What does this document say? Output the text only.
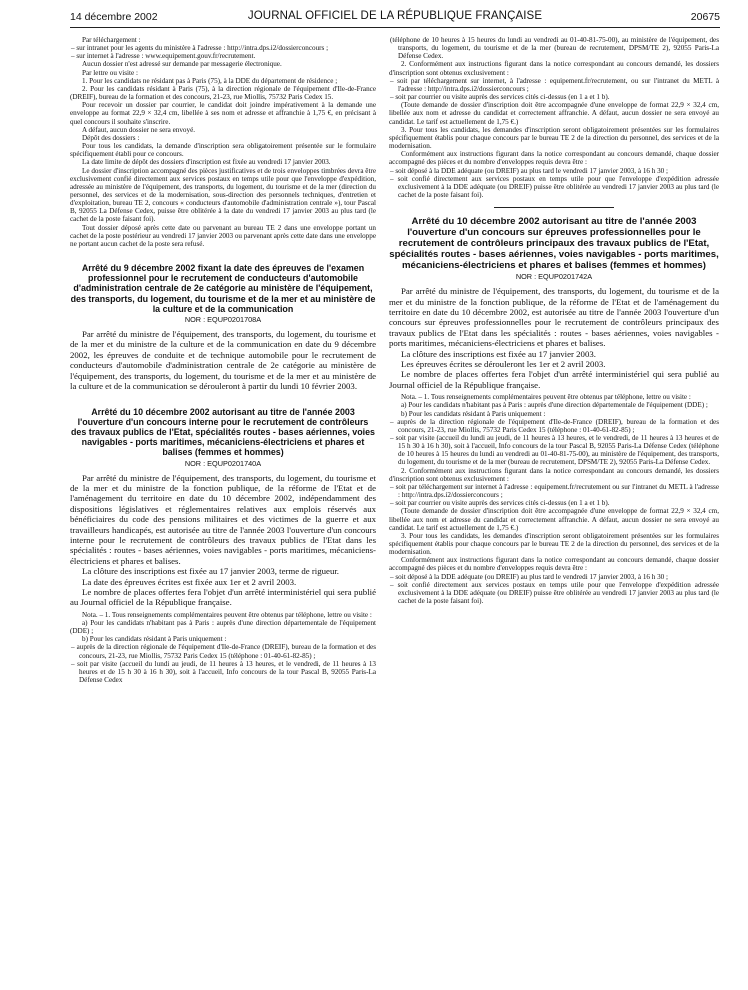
14 décembre 2002	JOURNAL OFFICIEL DE LA RÉPUBLIQUE FRANÇAISE	20675

Par téléchargement :

– sur intranet pour les agents du ministère à l'adresse : http://intra.dps.i2/dossierconcours ;

– sur internet à l'adresse : www.equipement.gouv.fr/recrutement.

Aucun dossier n'est adressé sur demande par messagerie électronique.

Par lettre ou visite :

1. Pour les candidats ne résidant pas à Paris (75), à la DDE du département de résidence ;

2. Pour les candidats résidant à Paris (75), à la direction régionale de l'équipement d'Ile-de-France (DREIF), bureau de la formation et des concours, 21-23, rue Miollis, 75732 Paris Cedex 15.

Pour recevoir un dossier par courrier, le candidat doit joindre impérativement à la demande une enveloppe au format 22,9 × 32,4 cm, libellée à ses nom et adresse et affranchie à 1,75 €, en précisant à quel concours il souhaite s'inscrire.

A défaut, aucun dossier ne sera envoyé.

Dépôt des dossiers :

Pour tous les candidats, la demande d'inscription sera obligatoirement présentée sur le formulaire spécifiquement établi pour ce concours.

La date limite de dépôt des dossiers d'inscription est fixée au vendredi 17 janvier 2003.

Le dossier d'inscription accompagné des pièces justificatives et de trois enveloppes timbrées devra être exclusivement confié directement aux services postaux en temps utile pour que l'enveloppe d'expédition, adressée au ministère de l'équipement, des transports, du logement, du tourisme et de la mer (direction du personnel, des services et de la modernisation, sous-direction des personnels techniques, d'entretien et d'exploitation, bureau TE 2, concours « conducteurs d'automobile d'administration centrale »), tour Pascal B, 92055 La Défense Cedex, puisse être oblitérée à la date du vendredi 17 janvier 2003 au plus tard (le cachet de la poste faisant foi).

Tout dossier déposé après cette date ou parvenant au bureau TE 2 dans une enveloppe portant un cachet de la poste postérieur au vendredi 17 janvier 2003 ou parvenant après cette date dans une enveloppe ne portant aucun cachet de la poste sera refusé.

Arrêté du 9 décembre 2002 fixant la date des épreuves de l'examen professionnel pour le recrutement de conducteurs d'automobile d'administration centrale de 2e catégorie au ministère de l'équipement, des transports, du logement, du tourisme et de la mer et au ministère de la culture et de la communication
NOR : EQUP0201708A

Par arrêté du ministre de l'équipement, des transports, du logement, du tourisme et de la mer et du ministre de la culture et de la communication en date du 9 décembre 2002, les épreuves de conduite et de technique automobile pour le recrutement de conducteurs d'automobile d'administration centrale de 2e catégorie au ministère de l'équipement, des transports, du logement, du tourisme et de la mer et au ministère de la culture et de la communication se dérouleront à partir du lundi 10 février 2003.

Arrêté du 10 décembre 2002 autorisant au titre de l'année 2003 l'ouverture d'un concours interne pour le recrutement de contrôleurs des travaux publics de l'Etat, spécialités routes - bases aériennes, voies navigables - ports maritimes, mécaniciens-électriciens et phares et balises (femmes et hommes)
NOR : EQUP0201740A

Par arrêté du ministre de l'équipement, des transports, du logement, du tourisme et de la mer et du ministre de la fonction publique, de la réforme de l'Etat et de l'aménagement du territoire en date du 10 décembre 2002, indépendamment des dispositions législatives et réglementaires relatives aux emplois réservés aux bénéficiaires du code des pensions militaires et des victimes de la guerre et aux travailleurs handicapés, est autorisée au titre de l'année 2003 l'ouverture d'un concours interne pour le recrutement de contrôleurs des travaux publics de l'Etat dans les spécialités : routes - bases aériennes, voies navigables - ports maritimes, mécaniciens-électriciens et phares et balises.

La clôture des inscriptions est fixée au 17 janvier 2003, terme de rigueur.

La date des épreuves écrites est fixée aux 1er et 2 avril 2003.

Le nombre de places offertes fera l'objet d'un arrêté interministériel qui sera publié au Journal officiel de la République française.

Nota. – 1. Tous renseignements complémentaires peuvent être obtenus par téléphone, lettre ou visite :

a) Pour les candidats n'habitant pas à Paris : auprès d'une direction départementale de l'équipement (DDE) ;

b) Pour les candidats résidant à Paris uniquement :

– auprès de la direction régionale de l'équipement d'Ile-de-France (DREIF), bureau de la formation et des concours, 21-23, rue Miollis, 75732 Paris Cedex 15 (téléphone : 01-40-61-82-85) ;

– soit par visite (accueil du lundi au jeudi, de 11 heures à 13 heures, et le vendredi, de 11 heures à 13 heures et de 15 h 30 à 16 h 30), soit à l'accueil, Info concours de la tour Pascal B, 92055 Paris-La Défense Cedex

(téléphone de 10 heures à 15 heures du lundi au vendredi au 01-40-81-75-00), au ministère de l'équipement, des transports, du logement, du tourisme et de la mer (bureau de recrutement, DPSM/TE 2), 92055 Paris-La Défense Cedex.

2. Conformément aux instructions figurant dans la notice correspondant au concours demandé, les dossiers d'inscription sont obtenus exclusivement :

– soit par téléchargement sur internet, à l'adresse : equipement.fr/recrutement, ou sur l'intranet du METL à l'adresse : http://intra.dps.i2/dossierconcours ;

– soit par courrier ou visite auprès des services cités ci-dessus (en 1 a et 1 b).

(Toute demande de dossier d'inscription doit être accompagnée d'une enveloppe de format 22,9 × 32,4 cm, libellée aux nom et adresse du candidat et correctement affranchie. A défaut, aucun dossier ne sera envoyé au candidat. Le tarif est actuellement de 1,75 €.)

3. Pour tous les candidats, les demandes d'inscription seront obligatoirement présentées sur les formulaires spécifiquement établis pour chaque concours par le bureau TE 2 de la direction du personnel, des services et de la modernisation.

Conformément aux instructions figurant dans la notice correspondant au concours demandé, chaque dossier accompagné des pièces et du nombre d'enveloppes requis devra être :

– soit déposé à la DDE adéquate (ou DREIF) au plus tard le vendredi 17 janvier 2003, à 16 h 30 ;

– soit confié directement aux services postaux en temps utile pour que l'enveloppe d'expédition adressée exclusivement à la DDE adéquate (ou DREIF) puisse être oblitérée au vendredi 17 janvier 2003 au plus tard (le cachet de la poste faisant foi).

Arrêté du 10 décembre 2002 autorisant au titre de l'année 2003 l'ouverture d'un concours sur épreuves professionnelles pour le recrutement de contrôleurs principaux des travaux publics de l'Etat, spécialités routes - bases aériennes, voies navigables - ports maritimes, mécaniciens-électriciens et phares et balises (femmes et hommes)
NOR : EQUP0201742A

Par arrêté du ministre de l'équipement, des transports, du logement, du tourisme et de la mer et du ministre de la fonction publique, de la réforme de l'Etat et de l'aménagement du territoire en date du 10 décembre 2002, est autorisée au titre de l'année 2003 l'ouverture d'un concours sur épreuves professionnelles pour le recrutement de contrôleurs principaux des travaux publics de l'Etat dans les spécialités : routes - bases aériennes, voies navigables - ports maritimes, mécaniciens-électriciens et phares et balises.

La clôture des inscriptions est fixée au 17 janvier 2003.

Les épreuves écrites se dérouleront les 1er et 2 avril 2003.

Le nombre de places offertes fera l'objet d'un arrêté interministériel qui sera publié au Journal officiel de la République française.

Nota. – 1. Tous renseignements complémentaires peuvent être obtenus par téléphone, lettre ou visite :

a) Pour les candidats n'habitant pas à Paris : auprès d'une direction départementale de l'équipement (DDE) ;

b) Pour les candidats résidant à Paris uniquement :

– auprès de la direction régionale de l'équipement d'Ile-de-France (DREIF), bureau de la formation et des concours, 21-23, rue Miollis, 75732 Paris Cedex 15 (téléphone : 01-40-61-82-85) ;

– soit par visite (accueil du lundi au jeudi, de 11 heures à 13 heures, et le vendredi, de 11 heures à 13 heures et de 15 h 30 à 16 h 30), soit à l'accueil, Info concours de la tour Pascal B, 92055 Paris-La Défense Cedex (téléphone de 10 heures à 15 heures du lundi au vendredi au 01-40-81-75-00), au ministère de l'équipement, des transports, du logement, du tourisme et de la mer (bureau de recrutement, DPSM/TE 2), 92055 Paris-La Défense Cedex.

2. Conformément aux instructions figurant dans la notice correspondant au concours demandé, les dossiers d'inscription sont obtenus exclusivement :

– soit par téléchargement sur internet à l'adresse : equipement.fr/recrutement ou sur l'intranet du METL à l'adresse : http://intra.dps.i2/dossierconcours ;

– soit par courrier ou visite auprès des services cités ci-dessus (en 1 a et 1 b).

(Toute demande de dossier d'inscription doit être accompagnée d'une enveloppe de format 22,9 × 32,4 cm, libellée aux nom et adresse du candidat et correctement affranchie. A défaut, aucun dossier ne sera envoyé au candidat. Le tarif est actuellement de 1,75 €.)

3. Pour tous les candidats, les demandes d'inscription seront obligatoirement présentées sur les formulaires spécifiquement établis pour chaque concours par le bureau TE 2 de la direction du personnel, des services et de la modernisation.

Conformément aux instructions figurant dans la notice correspondant au concours demandé, chaque dossier accompagné des pièces et du nombre d'enveloppes requis devra être :

– soit déposé à la DDE adéquate (ou DREIF) au plus tard le vendredi 17 janvier 2003, à 16 h 30 ;

– soit confié directement aux services postaux en temps utile pour que l'enveloppe d'expédition adressée exclusivement à la DDE adéquate (ou DREIF) puisse être oblitérée au vendredi 17 janvier 2003 au plus tard (le cachet de la poste faisant foi).
